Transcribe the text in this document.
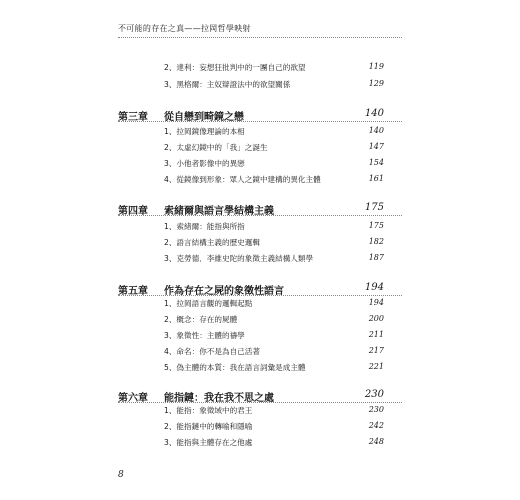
不可能的存在之真——拉岡哲學映射
2、達利：妄想狂批判中的一團自己的欲望	119
3、黑格爾：主奴辯證法中的欲望關係	129
第三章 從自戀到畸鏡之戀	140
1、拉岡鏡像理論的本相	140
2、太虛幻鏡中的「我」之誕生	147
3、小他者影像中的異戀	154
4、從鏡像到形象：眾人之鏡中建構的異化主體	161
第四章 索緒爾與語言學結構主義	175
1、索緒爾：能指與所指	175
2、語言結構主義的歷史邏輯	182
3、克勞德．李維史陀的象徵主義結構人類學	187
第五章 作為存在之屍的象徵性語言	194
1、拉岡語言觀的邏輯起點	194
2、概念：存在的屍體	200
3、象徵性：主體的禱學	211
4、命名：你不是為自己活著	217
5、偽主體的本質：我在語言詞彙是成主體	221
第六章 能指鏈：我在我不思之處	230
1、能指：象徵域中的君王	230
2、能指鏈中的轉喻和隱喻	242
3、能指與主體存在之他處	248
8
